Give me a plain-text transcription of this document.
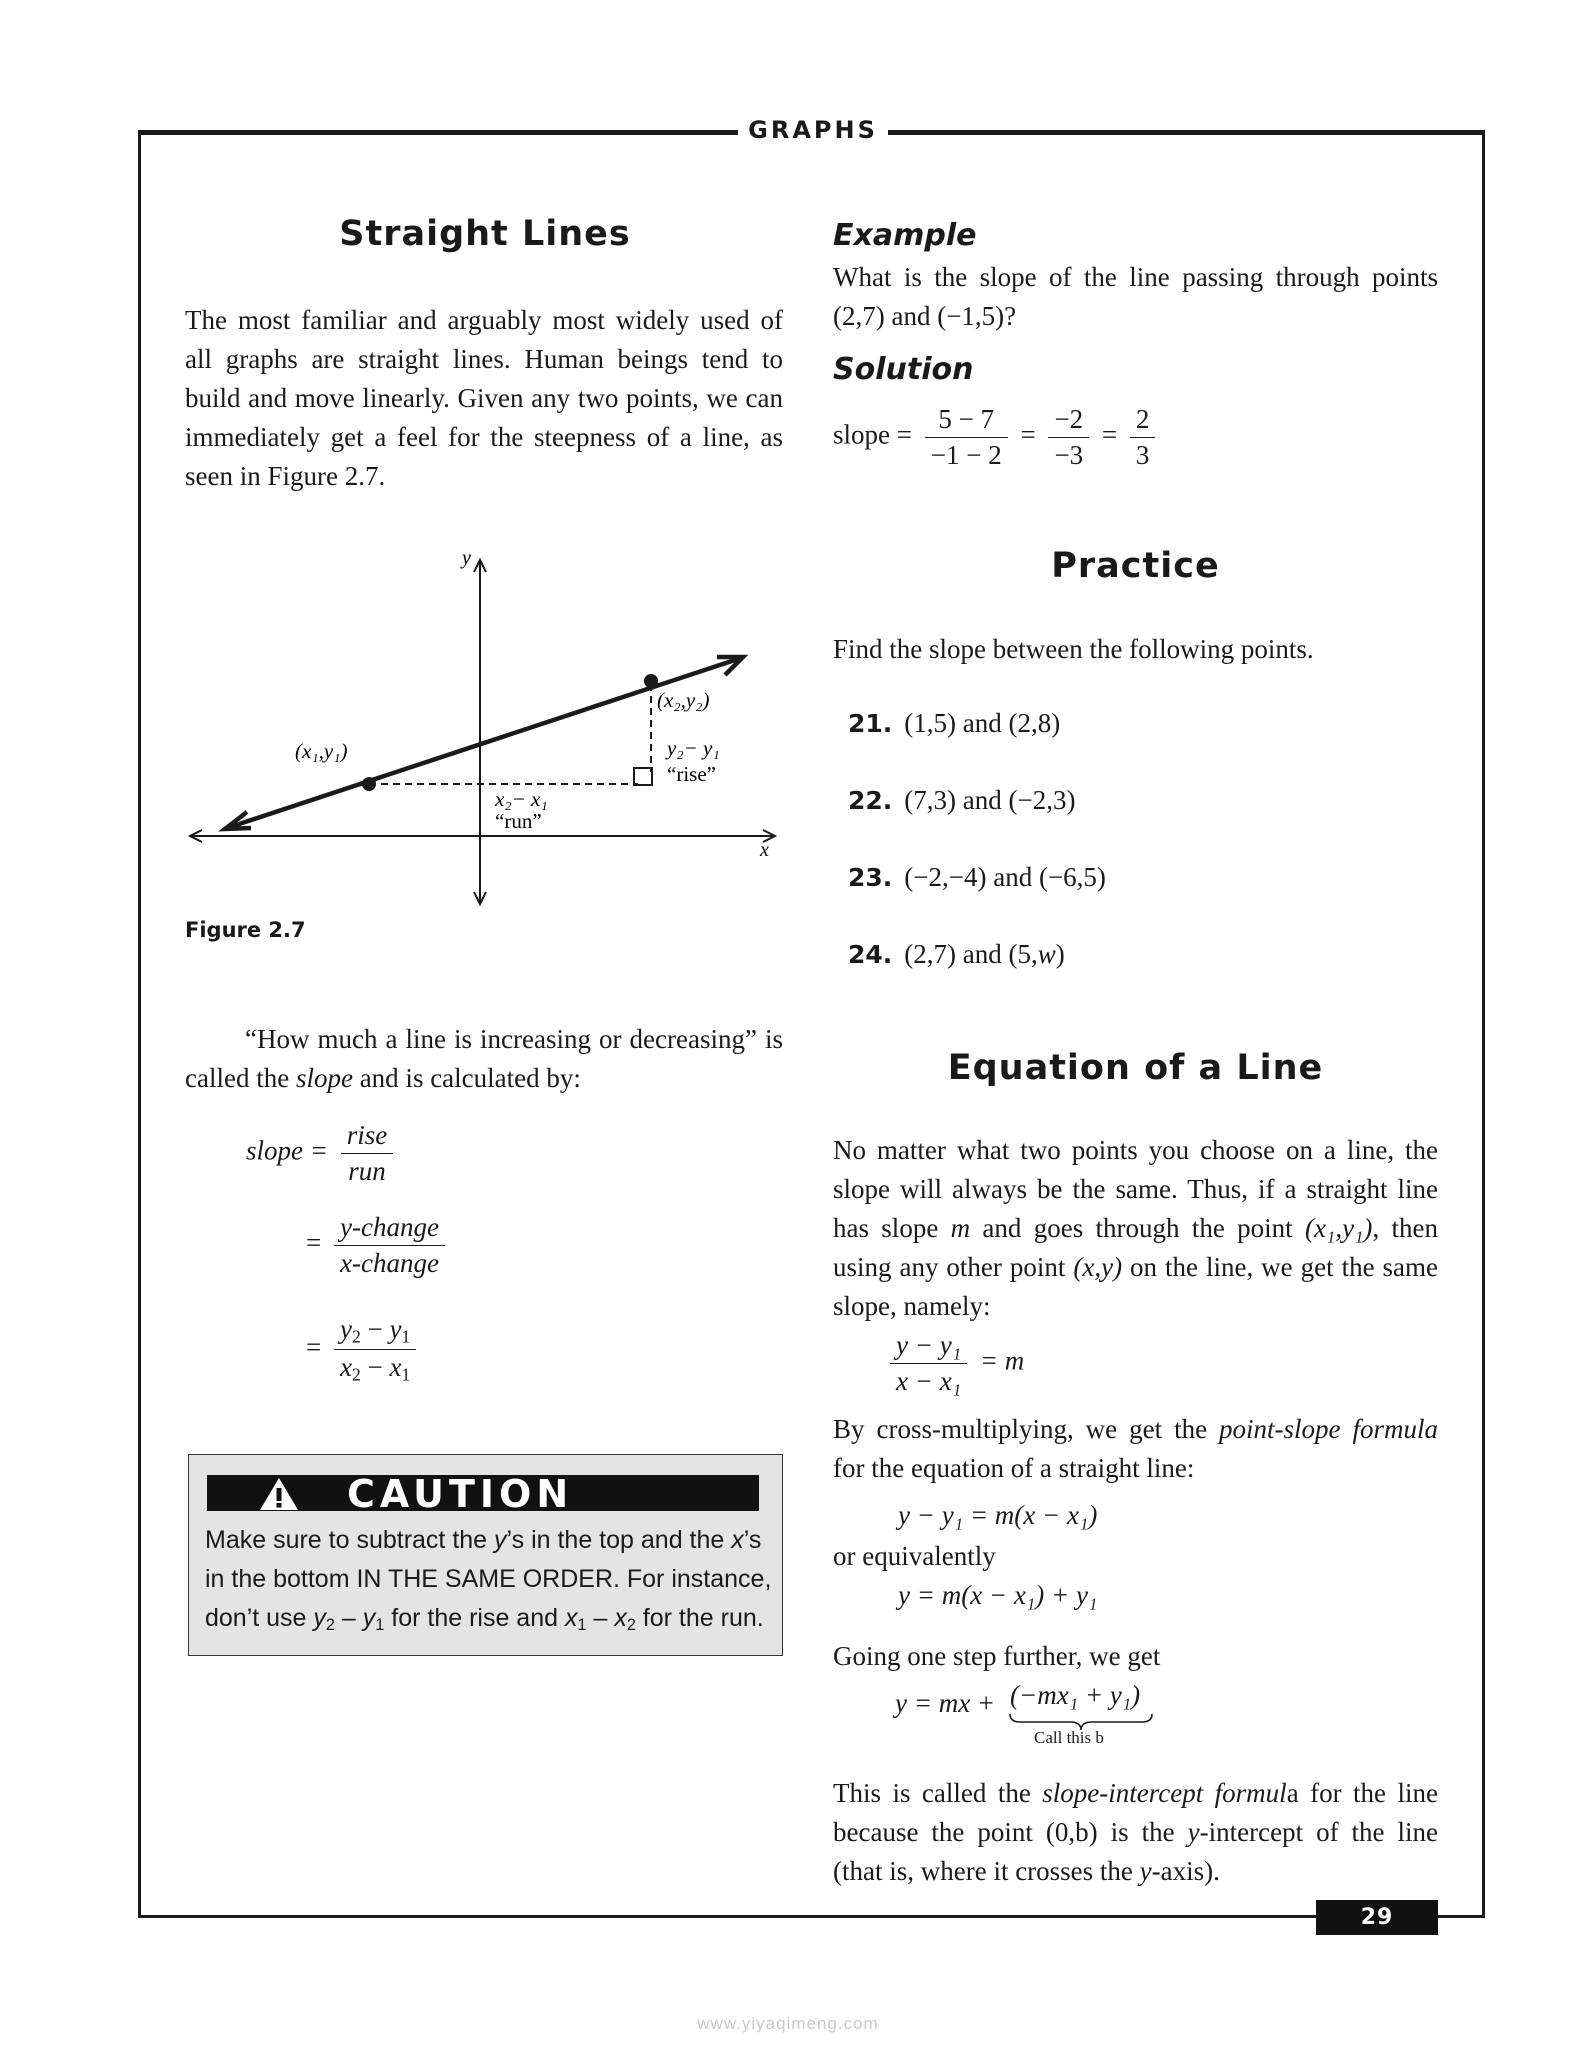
GRAPHS
29
Straight Lines
The most familiar and arguably most widely used of all graphs are straight lines. Human beings tend to build and move linearly. Given any two points, we can immediately get a feel for the steepness of a line, as seen in Figure 2.7.
y
x
(x₁,y₁)
(x₂,y₂)
y₂− y₁
“rise”
x₂− x₁
“run”
Figure 2.7
“How much a line is increasing or decreasing” is called the slope and is calculated by:
slope = $\frac{\text{rise}}{\text{run}}$
= $\frac{\text{y-change}}{\text{x-change}}$
= $\frac{y_2 - y_1}{x_2 - x_1}$
CAUTION
Make sure to subtract the y’s in the top and the x’s in the bottom IN THE SAME ORDER. For instance, don’t use $y_2 - y_1$ for the rise and $x_1 - x_2$ for the run.
Example
What is the slope of the line passing through points (2,7) and (−1,5)?
Solution
slope = $\frac{5 - 7}{-1 - 2} = \frac{-2}{-3} = \frac{2}{3}$
Practice
Find the slope between the following points.
21. (1,5) and (2,8)
22. (7,3) and (−2,3)
23. (−2,−4) and (−6,5)
24. (2,7) and (5,w)
Equation of a Line
No matter what two points you choose on a line, the slope will always be the same. Thus, if a straight line has slope m and goes through the point (x₁,y₁), then using any other point (x,y) on the line, we get the same slope, namely:
$\frac{\text{y − y₁}}{\text{x − x₁}} = m$
By cross-multiplying, we get the point-slope formula for the equation of a straight line:
y − y₁ = m(x − x₁)
or equivalently
y = m(x − x₁) + y₁
Going one step further, we get
y = mx + (−mx₁ + y₁)
Call this b
This is called the slope-intercept formula for the line because the point (0,b) is the y-intercept of the line (that is, where it crosses the y-axis).
www.yiyaqimeng.com
